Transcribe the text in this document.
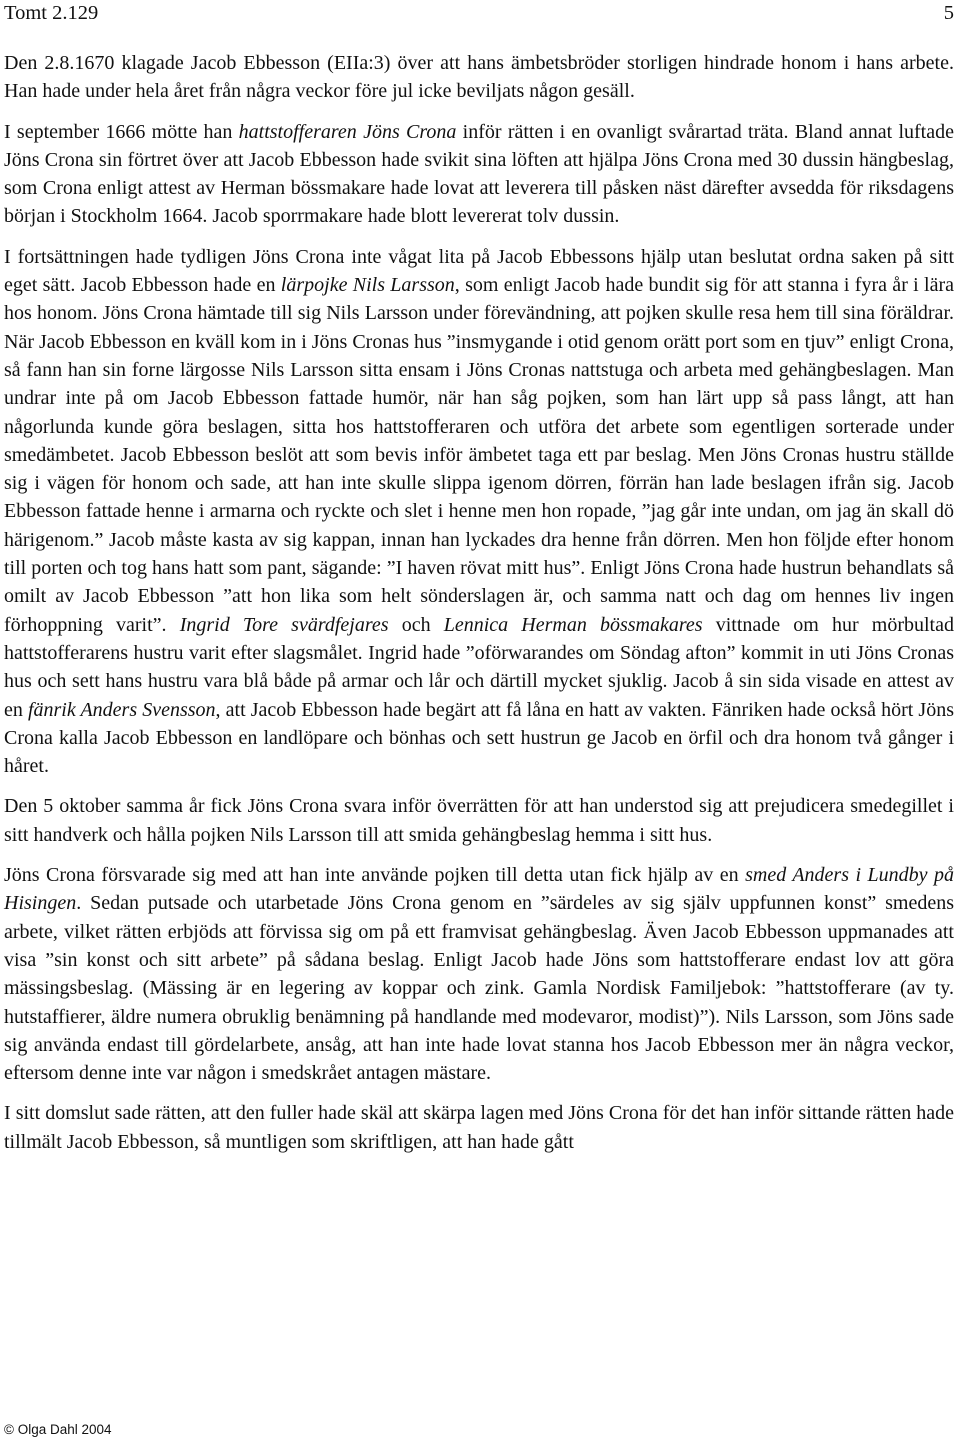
Tomt 2.129	5

Den 2.8.1670 klagade Jacob Ebbesson (EIIa:3) över att hans ämbetsbröder storligen hindrade honom i hans arbete. Han hade under hela året från några veckor före jul icke beviljats någon gesäll.

I september 1666 mötte han hattstofferaren Jöns Crona inför rätten i en ovanligt svårartad träta. Bland annat luftade Jöns Crona sin förtret över att Jacob Ebbesson hade svikit sina löften att hjälpa Jöns Crona med 30 dussin hängbeslag, som Crona enligt attest av Herman bössmakare hade lovat att leverera till påsken näst därefter avsedda för riksdagens början i Stockholm 1664. Jacob sporrmakare hade blott levererat tolv dussin.

I fortsättningen hade tydligen Jöns Crona inte vågat lita på Jacob Ebbessons hjälp utan beslutat ordna saken på sitt eget sätt. Jacob Ebbesson hade en lärpojke Nils Larsson, som enligt Jacob hade bundit sig för att stanna i fyra år i lära hos honom. Jöns Crona hämtade till sig Nils Larsson under förevändning, att pojken skulle resa hem till sina föräldrar. När Jacob Ebbesson en kväll kom in i Jöns Cronas hus ”insmygande i otid genom orätt port som en tjuv” enligt Crona, så fann han sin forne lärgosse Nils Larsson sitta ensam i Jöns Cronas nattstuga och arbeta med gehängbeslagen. Man undrar inte på om Jacob Ebbesson fattade humör, när han såg pojken, som han lärt upp så pass långt, att han någorlunda kunde göra beslagen, sitta hos hattstofferaren och utföra det arbete som egentligen sorterade under smedämbetet. Jacob Ebbesson beslöt att som bevis inför ämbetet taga ett par beslag. Men Jöns Cronas hustru ställde sig i vägen för honom och sade, att han inte skulle slippa igenom dörren, förrän han lade beslagen ifrån sig. Jacob Ebbesson fattade henne i armarna och ryckte och slet i henne men hon ropade, ”jag går inte undan, om jag än skall dö härigenom.” Jacob måste kasta av sig kappan, innan han lyckades dra henne från dörren. Men hon följde efter honom till porten och tog hans hatt som pant, sägande: ”I haven rövat mitt hus”. Enligt Jöns Crona hade hustrun behandlats så omilt av Jacob Ebbesson ”att hon lika som helt sönderslagen är, och samma natt och dag om hennes liv ingen förhoppning varit”. Ingrid Tore svärdfejares och Lennica Herman bössmakares vittnade om hur mörbultad hattstofferarens hustru varit efter slagsmålet. Ingrid hade ”oförwarandes om Söndag afton” kommit in uti Jöns Cronas hus och sett hans hustru vara blå både på armar och lår och därtill mycket sjuklig. Jacob å sin sida visade en attest av en fänrik Anders Svensson, att Jacob Ebbesson hade begärt att få låna en hatt av vakten. Fänriken hade också hört Jöns Crona kalla Jacob Ebbesson en landlöpare och bönhas och sett hustrun ge Jacob en örfil och dra honom två gånger i håret.

Den 5 oktober samma år fick Jöns Crona svara inför överrätten för att han understod sig att prejudicera smedegillet i sitt handverk och hålla pojken Nils Larsson till att smida gehängbeslag hemma i sitt hus.

Jöns Crona försvarade sig med att han inte använde pojken till detta utan fick hjälp av en smed Anders i Lundby på Hisingen. Sedan putsade och utarbetade Jöns Crona genom en ”särdeles av sig själv uppfunnen konst” smedens arbete, vilket rätten erbjöds att förvissa sig om på ett framvisat gehängbeslag. Även Jacob Ebbesson uppmanades att visa ”sin konst och sitt arbete” på sådana beslag. Enligt Jacob hade Jöns som hattstofferare endast lov att göra mässingsbeslag. (Mässing är en legering av koppar och zink. Gamla Nordisk Familjebok: ”hattstofferare (av ty. hutstaffierer, äldre numera obruklig benämning på handlande med modevaror, modist)”). Nils Larsson, som Jöns sade sig använda endast till gördelarbete, ansåg, att han inte hade lovat stanna hos Jacob Ebbesson mer än några veckor, eftersom denne inte var någon i smedskrået antagen mästare.

I sitt domslut sade rätten, att den fuller hade skäl att skärpa lagen med Jöns Crona för det han inför sittande rätten hade tillmält Jacob Ebbesson, så muntligen som skriftligen, att han hade gått

© Olga Dahl 2004
